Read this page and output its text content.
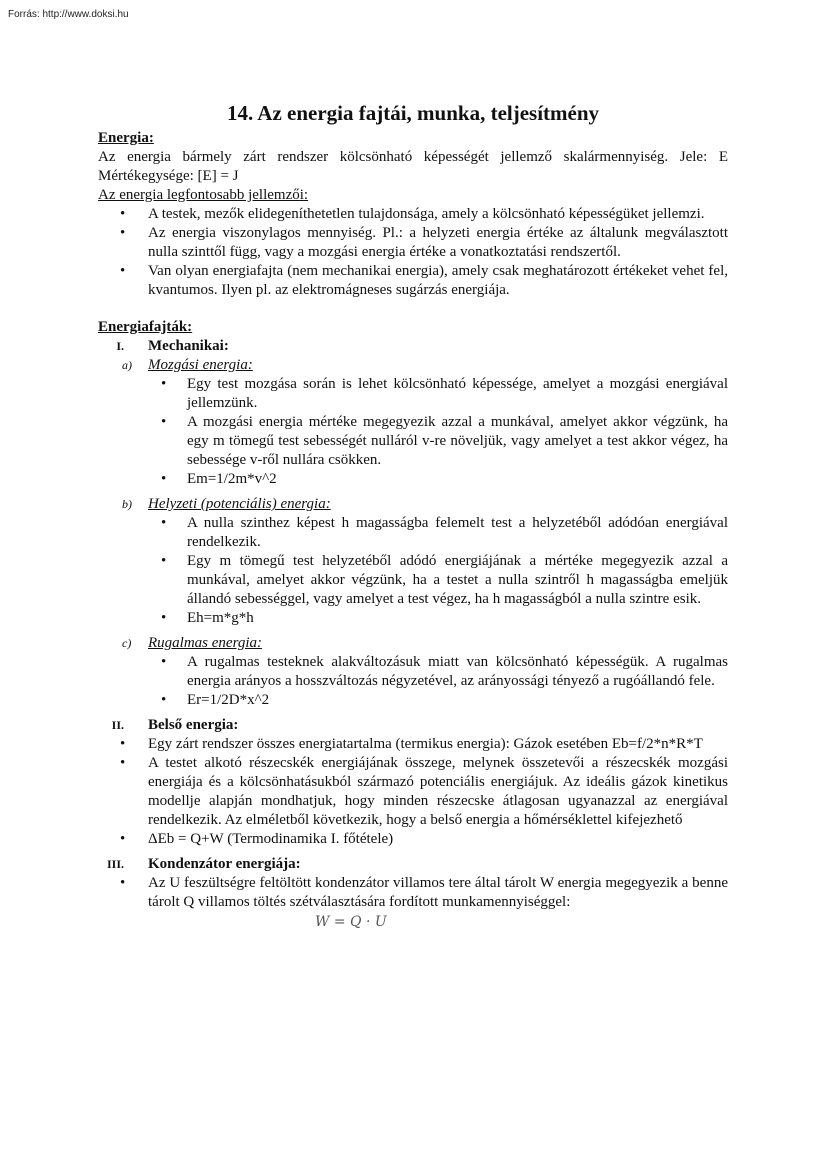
Forrás: http://www.doksi.hu
14. Az energia fajtái, munka, teljesítmény
Energia:

Az energia bármely zárt rendszer kölcsönható képességét jellemző skalármennyiség. Jele: E Mértékegysége: [E] = J

Az energia legfontosabb jellemzői:
• A testek, mezők elidegeníthetetlen tulajdonsága, amely a kölcsönható képességüket jellemzi.
• Az energia viszonylagos mennyiség. Pl.: a helyzeti energia értéke az általunk megválasztott nulla szinttől függ, vagy a mozgási energia értéke a vonatkoztatási rendszertől.
• Van olyan energiafajta (nem mechanikai energia), amely csak meghatározott értékeket vehet fel, kvantumos. Ilyen pl. az elektromágneses sugárzás energiája.
Energiafajták:
I. Mechanikai:
a) Mozgási energia:
• Egy test mozgása során is lehet kölcsönható képessége, amelyet a mozgási energiával jellemzünk.
• A mozgási energia mértéke megegyezik azzal a munkával, amelyet akkor végzünk, ha egy m tömegű test sebességét nulláról v-re növeljük, vagy amelyet a test akkor végez, ha sebessége v-ről nullára csökken.
• Em=1/2m*v^2
b) Helyzeti (potenciális) energia:
• A nulla szinthez képest h magasságba felemelt test a helyzetéből adódóan energiával rendelkezik.
• Egy m tömegű test helyzetéből adódó energiájának a mértéke megegyezik azzal a munkával, amelyet akkor végzünk, ha a testet a nulla szintről h magasságba emeljük állandó sebességgel, vagy amelyet a test végez, ha h magasságból a nulla szintre esik.
• Eh=m*g*h
c) Rugalmas energia:
• A rugalmas testeknek alakváltozásuk miatt van kölcsönható képességük. A rugalmas energia arányos a hosszváltozás négyzetével, az arányossági tényező a rugóállandó fele.
• Er=1/2D*x^2
II. Belső energia:
• Egy zárt rendszer összes energiatartalma (termikus energia): Gázok esetében Eb=f/2*n*R*T
• A testet alkotó részecskék energiájának összege, melynek összetevői a részecskék mozgási energiája és a kölcsönhatásukból származó potenciális energiájuk. Az ideális gázok kinetikus modellje alapján mondhatjuk, hogy minden részecske átlagosan ugyanazzal az energiával rendelkezik. Az elméletből következik, hogy a belső energia a hőmérséklettel kifejezhető
• ΔEb = Q+W (Termodinamika I. főtétele)
III. Kondenzátor energiája:
• Az U feszültségre feltöltött kondenzátor villamos tere által tárolt W energia megegyezik a benne tárolt Q villamos töltés szétválasztására fordított munkamennyiséggel:
W = Q · U
